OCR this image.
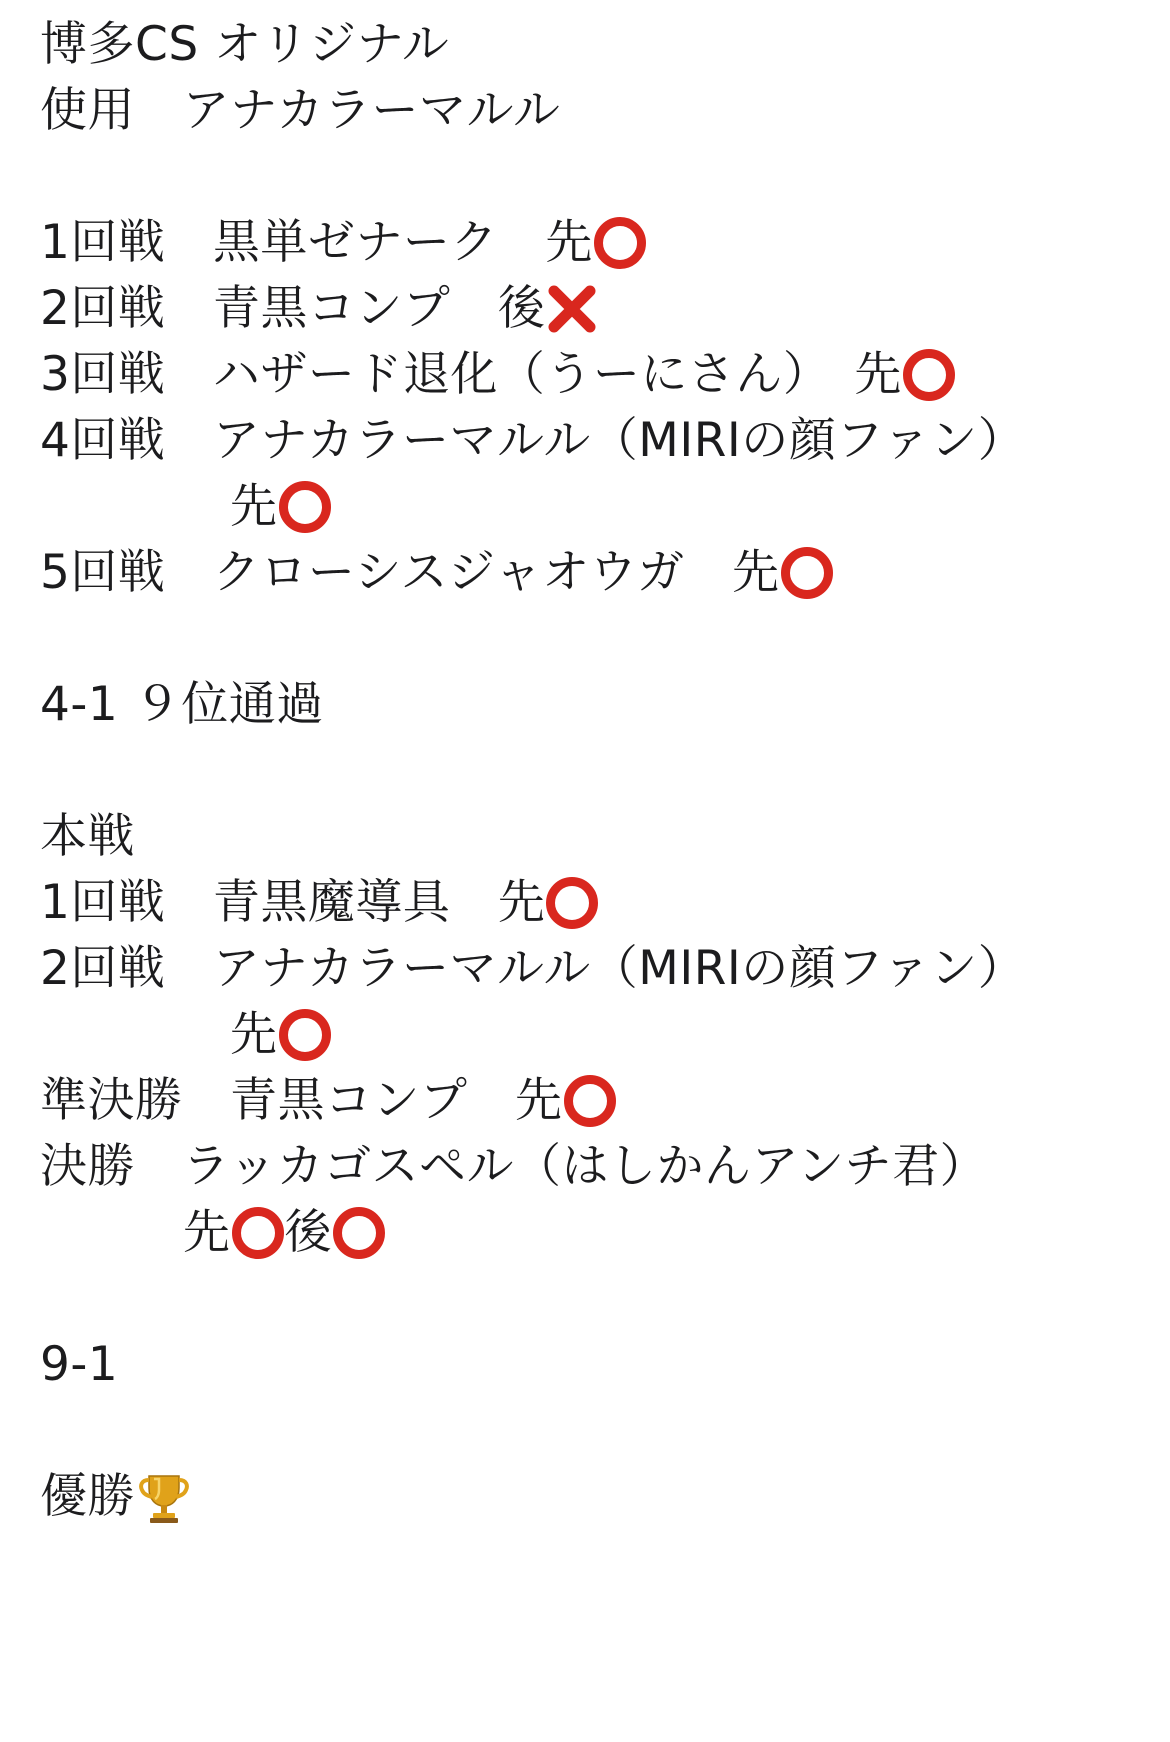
博多CS オリジナル
使用　アナカラーマルル
1回戦　 黒単ゼナーク　 先
2回戦　 青黒コンプ　 後
3回戦　 ハザード退化（うーにさん）　 先
4回戦　 アナカラーマルル（MIRIの顔ファン）
先
5回戦　 クローシスジャオウガ　 先
4-1 ９位通過
本戦
1回戦　 青黒魔導具　 先
2回戦　 アナカラーマルル（MIRIの顔ファン）
先
準決勝　 青黒コンプ　 先
決勝　 ラッカゴスペル（はしかんアンチ君）
先 後
9-1
優勝
